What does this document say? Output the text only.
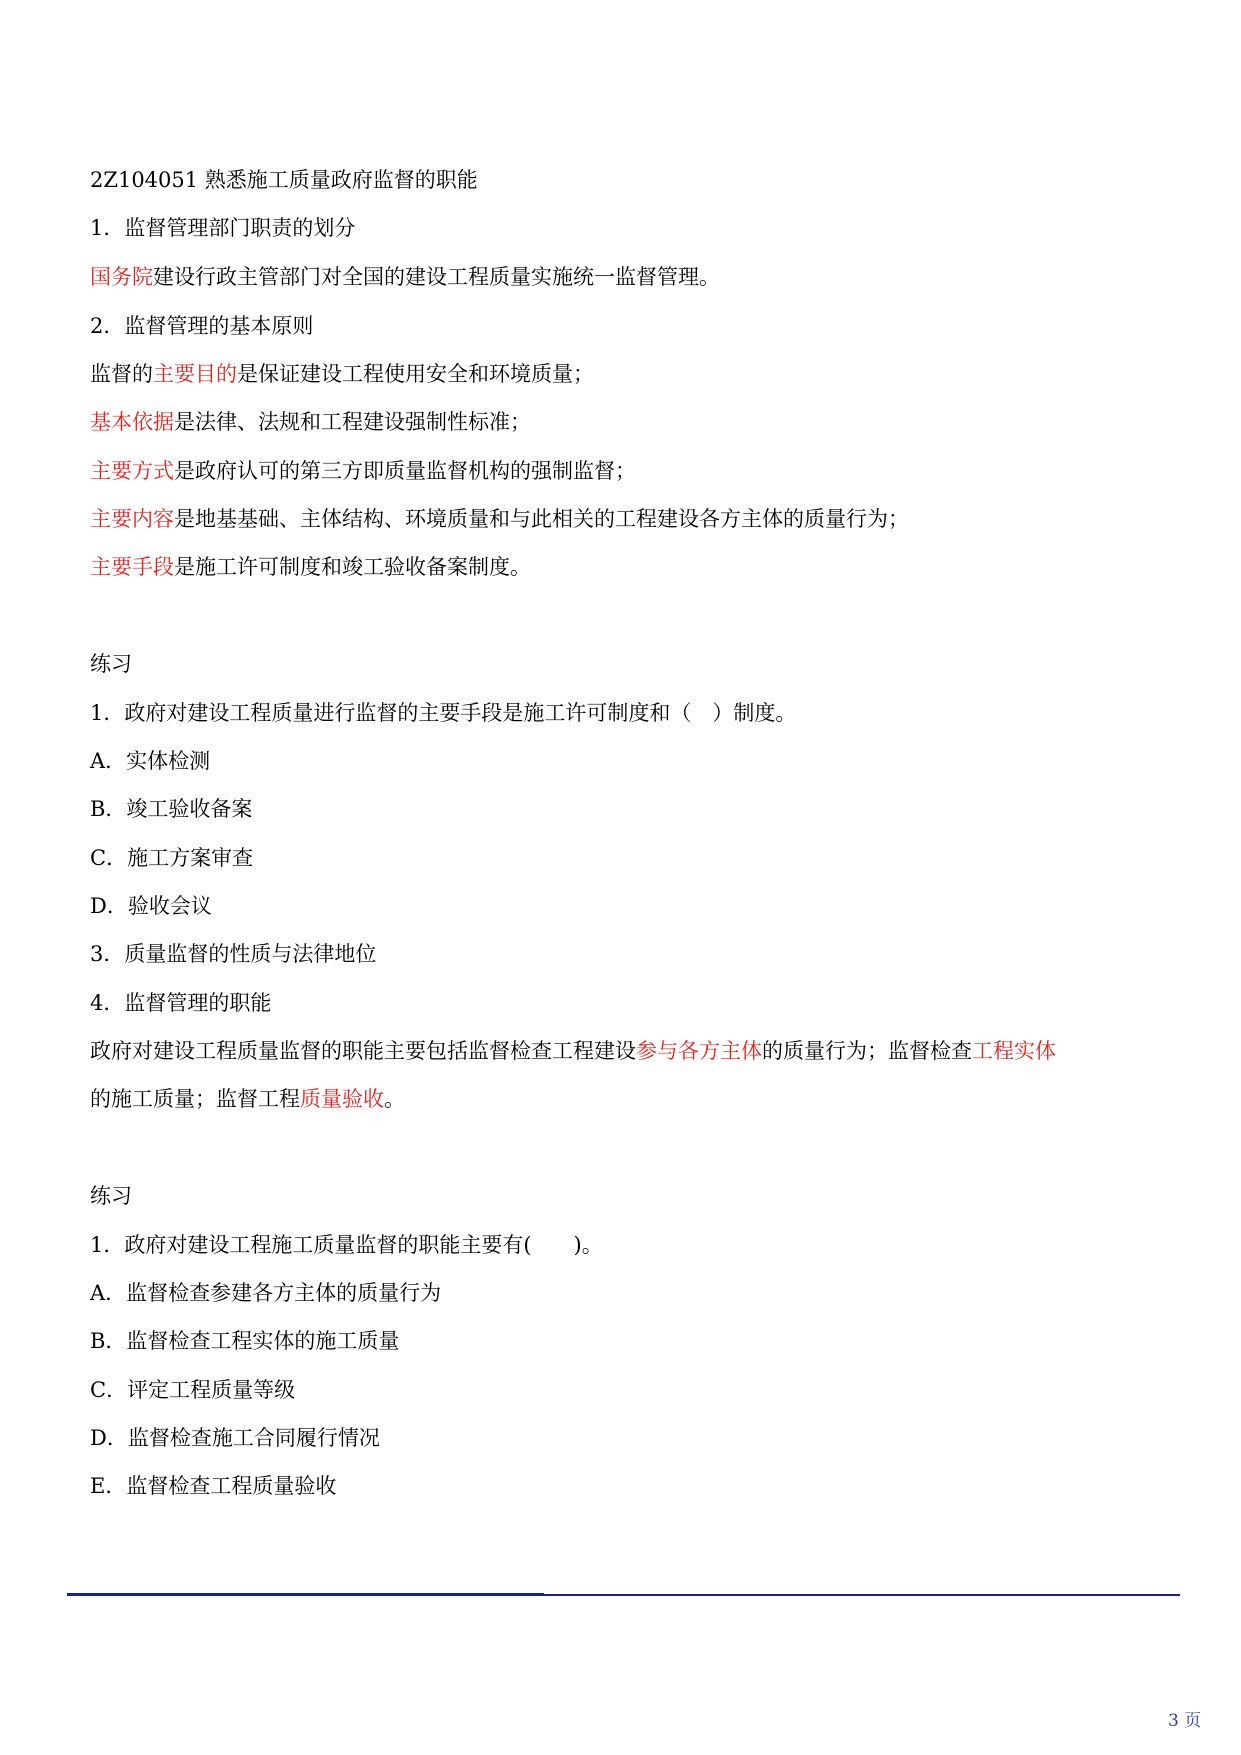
2Z104051 熟悉施工质量政府监督的职能
1．监督管理部门职责的划分
国务院建设行政主管部门对全国的建设工程质量实施统一监督管理。
2．监督管理的基本原则
监督的主要目的是保证建设工程使用安全和环境质量；
基本依据是法律、法规和工程建设强制性标准；
主要方式是政府认可的第三方即质量监督机构的强制监督；
主要内容是地基基础、主体结构、环境质量和与此相关的工程建设各方主体的质量行为；
主要手段是施工许可制度和竣工验收备案制度。
练习
1．政府对建设工程质量进行监督的主要手段是施工许可制度和（　）制度。
A．实体检测
B．竣工验收备案
C．施工方案审查
D．验收会议
3．质量监督的性质与法律地位
4．监督管理的职能
政府对建设工程质量监督的职能主要包括监督检查工程建设参与各方主体的质量行为；监督检查工程实体
的施工质量；监督工程质量验收。
练习
1．政府对建设工程施工质量监督的职能主要有(　　)。
A．监督检查参建各方主体的质量行为
B．监督检查工程实体的施工质量
C．评定工程质量等级
D．监督检查施工合同履行情况
E．监督检查工程质量验收
3 页
